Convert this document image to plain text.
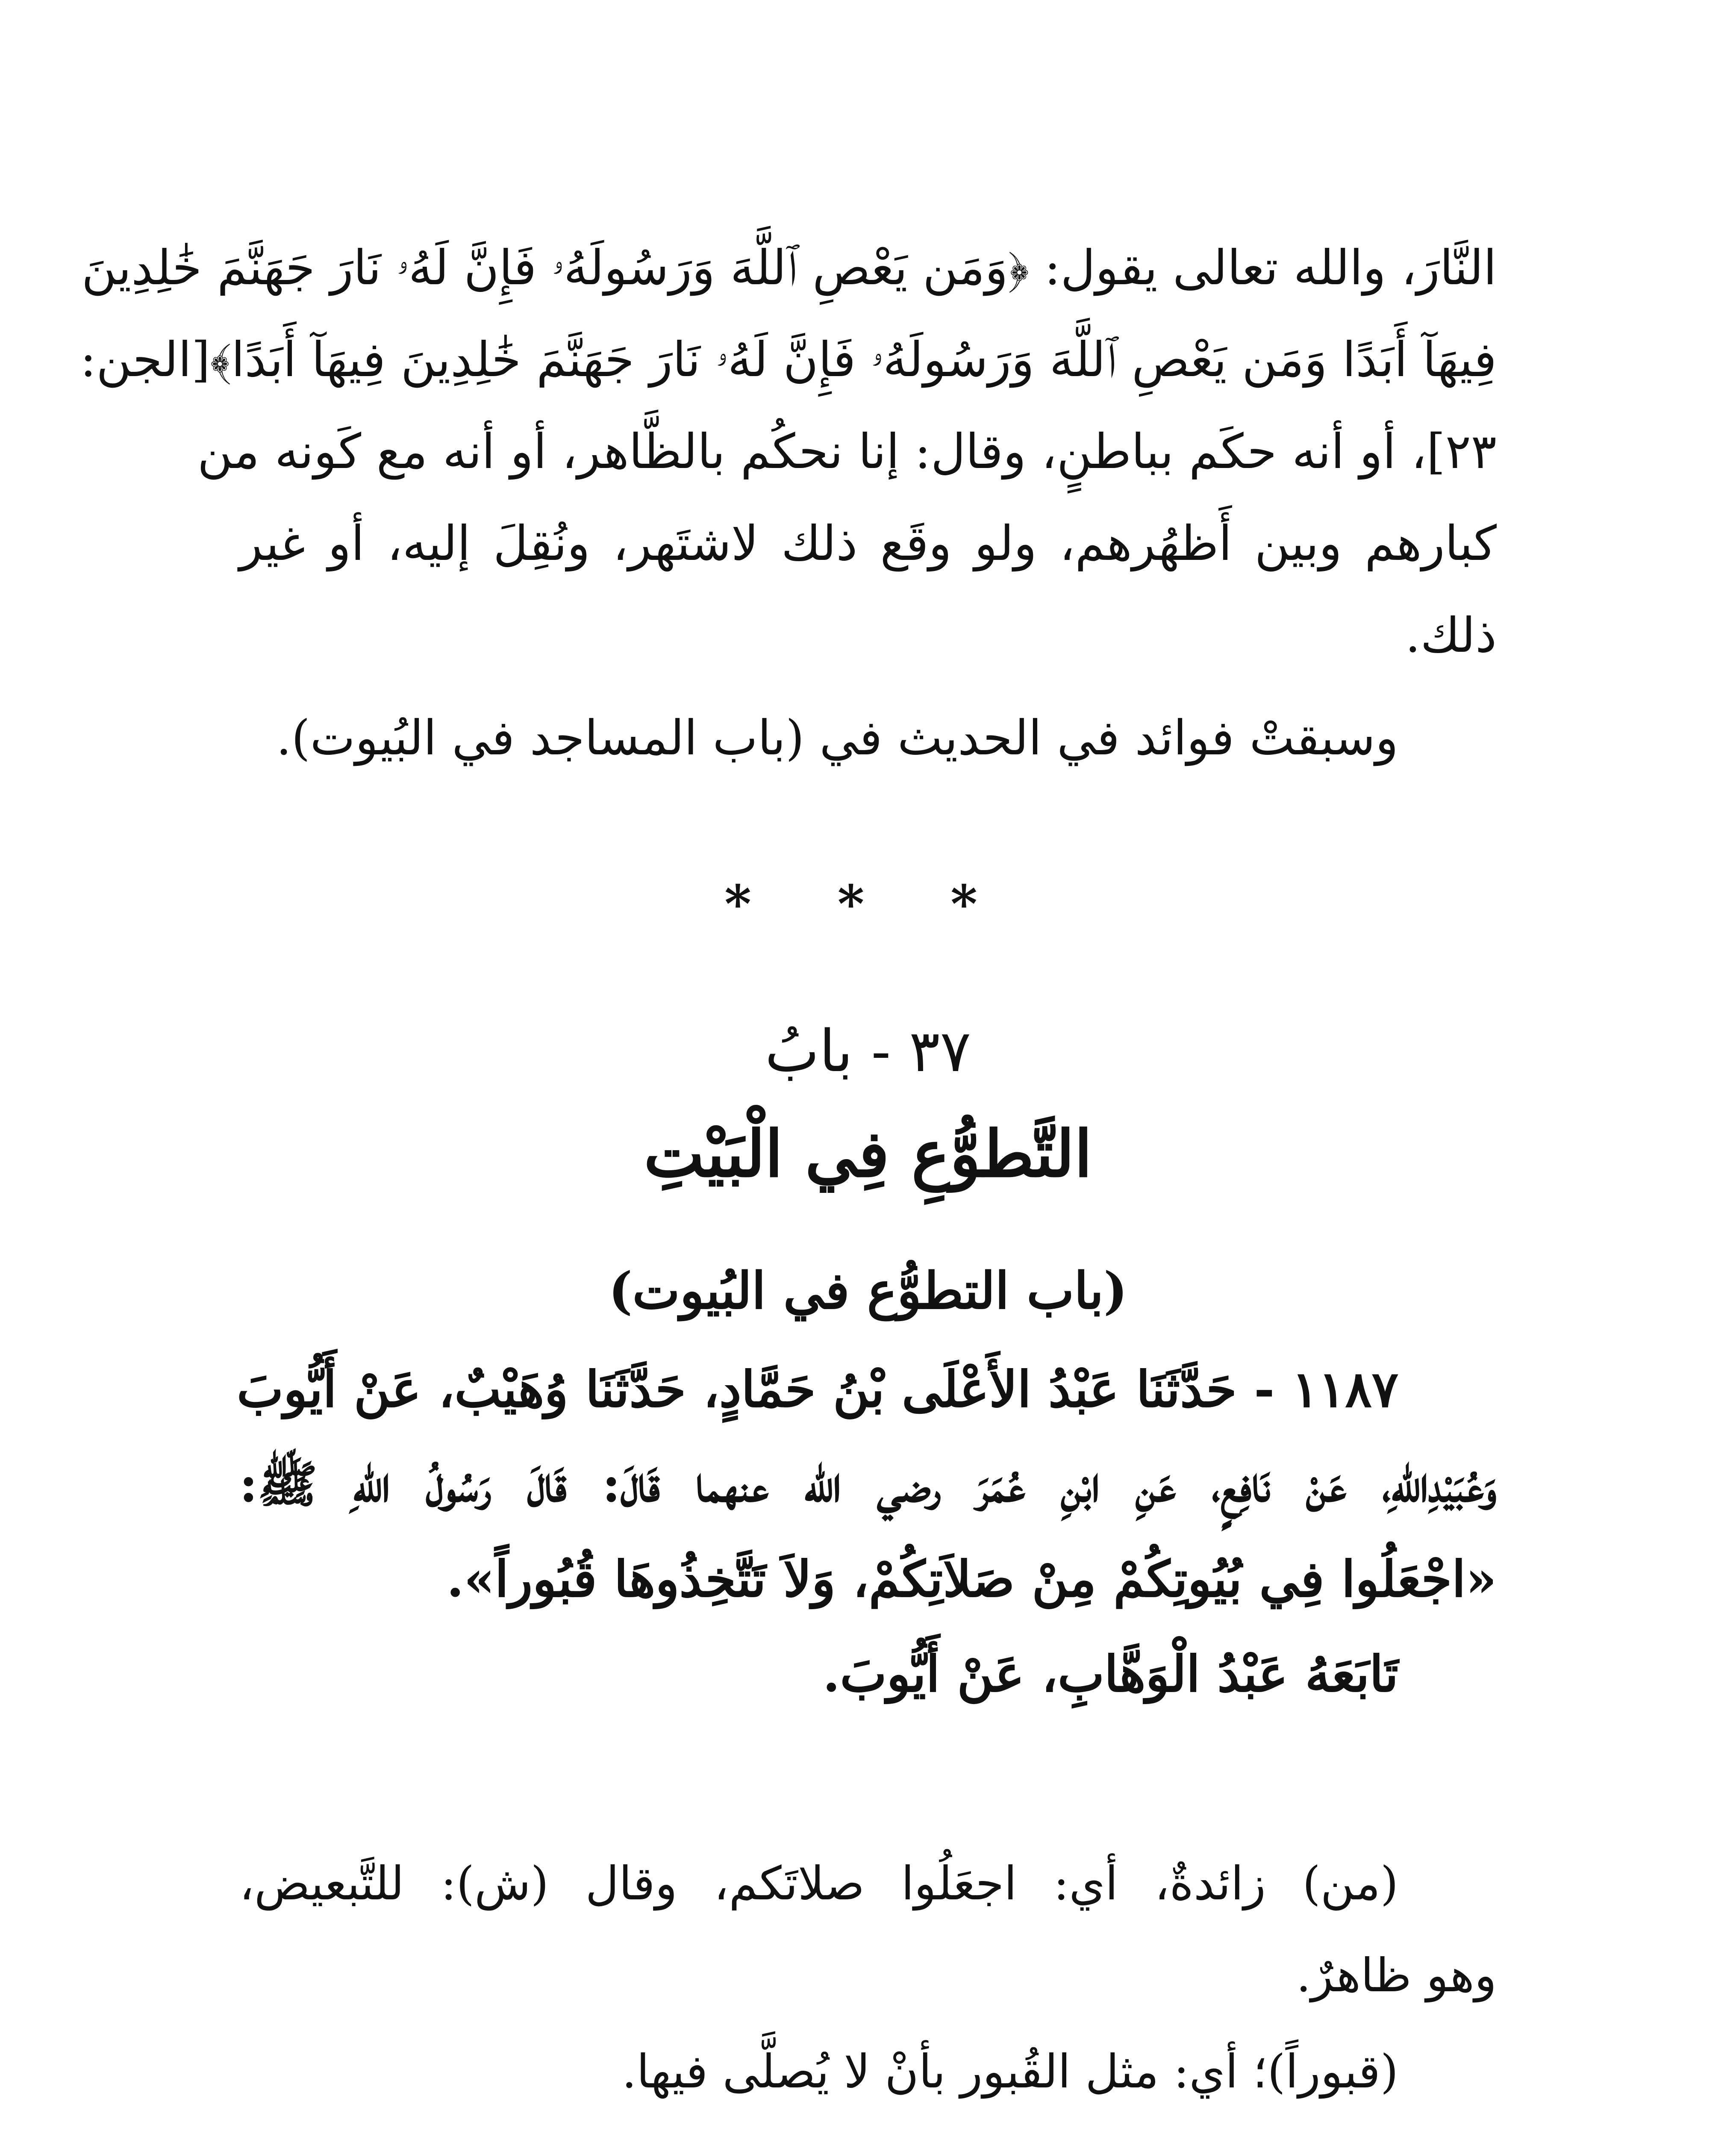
النَّارَ، والله تعالى يقول: ﴿وَمَن يَعْصِ ٱللَّهَ وَرَسُولَهُۥ فَإِنَّ لَهُۥ نَارَ جَهَنَّمَ خَٰلِدِينَ
فِيهَآ أَبَدًا وَمَن يَعْصِ ٱللَّهَ وَرَسُولَهُۥ فَإِنَّ لَهُۥ نَارَ جَهَنَّمَ خَٰلِدِينَ فِيهَآ أَبَدًا﴾[الجن:
٢٣]، أو أنه حكَم بباطنٍ، وقال: إنا نحكُم بالظَّاهر، أو أنه مع كَونه من
كبارهم وبين أَظهُرهم، ولو وقَع ذلك لاشتَهر، ونُقِلَ إليه، أو غير
ذلك.
وسبقتْ فوائد في الحديث في (باب المساجد في البُيوت).
* * *
٣٧ - بابُ
التَّطوُّعِ فِي الْبَيْتِ
(باب التطوُّع في البُيوت)
١١٨٧ - حَدَّثَنَا عَبْدُ الأَعْلَى بْنُ حَمَّادٍ، حَدَّثَنَا وُهَيْبٌ، عَنْ أَيُّوبَ
وَعُبَيْدِاللهِ، عَنْ نَافِعٍ، عَنِ ابْنِ عُمَرَ رضي الله عنهما قَالَ: قَالَ رَسُولُ اللهِ ﷺ:
«اجْعَلُوا فِي بُيُوتِكُمْ مِنْ صَلاَتِكُمْ، وَلاَ تَتَّخِذُوهَا قُبُوراً».
تَابَعَهُ عَبْدُ الْوَهَّابِ، عَنْ أَيُّوبَ.
(من) زائدةٌ، أي: اجعَلُوا صلاتَكم، وقال (ش): للتَّبعيض،
وهو ظاهرٌ.
(قبوراً)؛ أي: مثل القُبور بأنْ لا يُصلَّى فيها.
